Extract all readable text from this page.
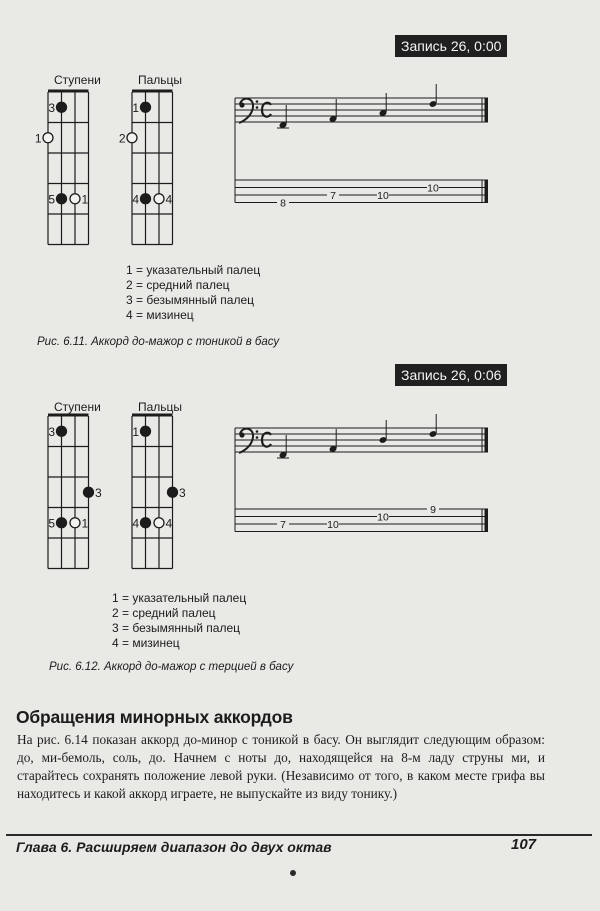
Запись 26, 0:00
Ступени	Пальцы
3
1
5 1
1
2
4 4	8
7	10
10
1 = указательный палец
2 = средний палец
3 = безымянный палец
4 = мизинец
Рис. 6.11. Аккорд до-мажор с тоникой в басу
Запись 26, 0:06
Ступени	Пальцы
3
3
5 1
1
3
4 4	7	10
10
9
1 = указательный палец
2 = средний палец
3 = безымянный палец
4 = мизинец
Рис. 6.12. Аккорд до-мажор с терцией в басу
Обращения минорных аккордов
На рис. 6.14 показан аккорд до-минор с тоникой в басу. Он выглядит следующим образом: до, ми-бемоль, соль, до. Начнем с ноты до, находящейся на 8-м ладу струны ми, и старайтесь сохранять положение левой руки. (Независимо от того, в каком месте грифа вы находитесь и какой аккорд играете, не выпускайте из виду тонику.)
Глава 6. Расширяем диапазон до двух октав	107
